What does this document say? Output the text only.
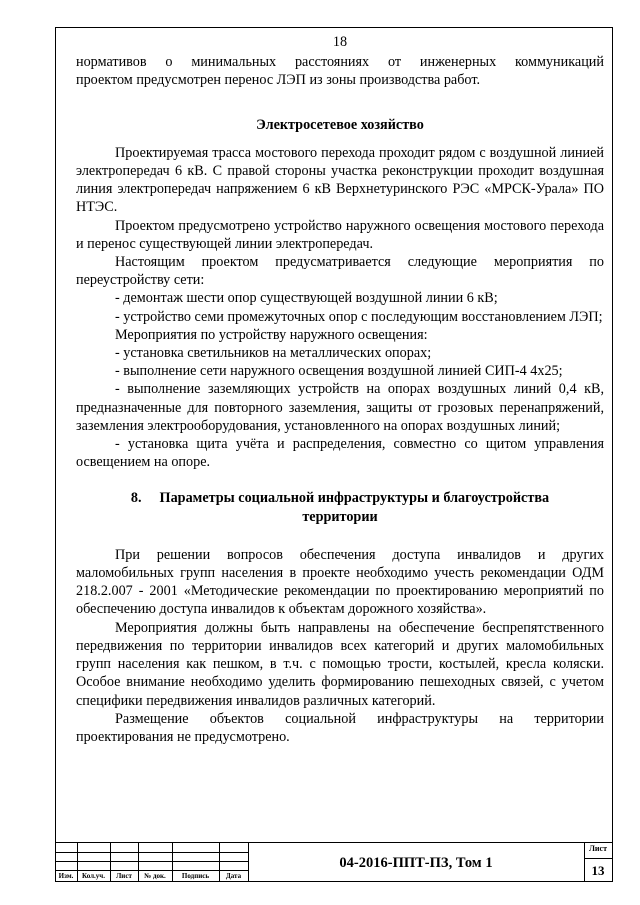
18

нормативов о минимальных расстояниях от инженерных коммуникаций

проектом предусмотрен перенос ЛЭП из зоны производства работ.

Электросетевое хозяйство

Проектируемая трасса мостового перехода проходит рядом с воздушной линией электропередач 6 кВ. С правой стороны участка реконструкции проходит воздушная линия электропередач напряжением 6 кВ Верхнетуринского РЭС «МРСК-Урала» ПО НТЭС.

Проектом предусмотрено устройство наружного освещения мостового перехода и перенос существующей линии электропередач.

Настоящим проектом предусматривается следующие мероприятия по переустройству сети:

- демонтаж шести опор существующей воздушной линии 6 кВ;

- устройство семи промежуточных опор с последующим восстановлением ЛЭП;

Мероприятия по устройству наружного освещения:

- установка светильников на металлических опорах;

- выполнение сети наружного освещения воздушной линией СИП-4 4х25;

- выполнение заземляющих устройств на опорах воздушных линий 0,4 кВ, предназначенные для повторного заземления, защиты от грозовых перенапряжений, заземления электрооборудования, установленного на опорах воздушных линий;

- установка щита учёта и распределения, совместно со щитом управления освещением на опоре.

8. Параметры социальной инфраструктуры и благоустройства
территории

При решении вопросов обеспечения доступа инвалидов и других маломобильных групп населения в проекте необходимо учесть рекомендации ОДМ 218.2.007 - 2001 «Методические рекомендации по проектированию мероприятий по обеспечению доступа инвалидов к объектам дорожного хозяйства».

Мероприятия должны быть направлены на обеспечение беспрепятственного передвижения по территории инвалидов всех категорий и других маломобильных групп населения как пешком, в т.ч. с помощью трости, костылей, кресла коляски. Особое внимание необходимо уделить формированию пешеходных связей, с учетом специфики передвижения инвалидов различных категорий.

Размещение объектов социальной инфраструктуры на территории проектирования не предусмотрено.

Изм.	Кол.уч.	Лист	№ док.	Подпись	Дата
04-2016-ППТ-ПЗ, Том 1
Лист
13
